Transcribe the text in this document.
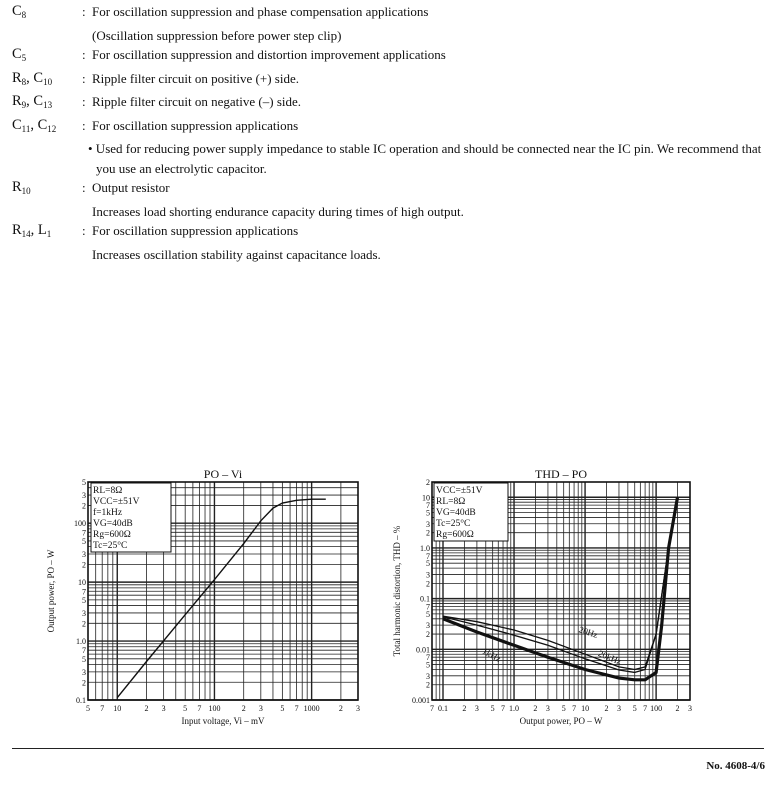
$C_8$	: For oscillation suppression and phase compensation applications
(Oscillation suppression before power step clip)
$C_5$	: For oscillation suppression and distortion improvement applications
$R_8$, $C_{10}$	: Ripple filter circuit on positive (+) side.
$R_9$, $C_{13}$	: Ripple filter circuit on negative (–) side.
$C_{11}$, $C_{12}$	: For oscillation suppression applications
• Used for reducing power supply impedance to stable IC operation and should be connected near the IC pin. We recommend that you use an electrolytic capacitor.
$R_{10}$	: Output resistor
Increases load shorting endurance capacity during times of high output.
$R_{14}$, $L_1$	: For oscillation suppression applications
Increases oscillation stability against capacitance loads.
5 7 10	2 3 5 7 100	2 3 5 7 1000 2 3
0.1
2
3
5
7
1.0
2
3
5
7
10
2
3
5
7
100
2
3
5
PO – Vi
Input voltage, Vi – mV
Output power, PO – W
RL=8Ω
VCC=±51V
f=1kHz
VG=40dB
Rg=600Ω
Tc=25°C
7 0.1 2 3 5 7 1.0 2 3 5 7 10 2 3 5 7 100 2 3
0.001
2
3
5
7
0.01
2
3
5
7
0.1
2
3
5
7
1.0
2
3
5
7
10
2
THD – PO
Output power, PO – W
Total harmonic distortion, THD – %
VCC=±51V
RL=8Ω
VG=40dB
Tc=25°C
Rg=600Ω
20Hz
20kHz
1kHz
No. 4608-4/6
